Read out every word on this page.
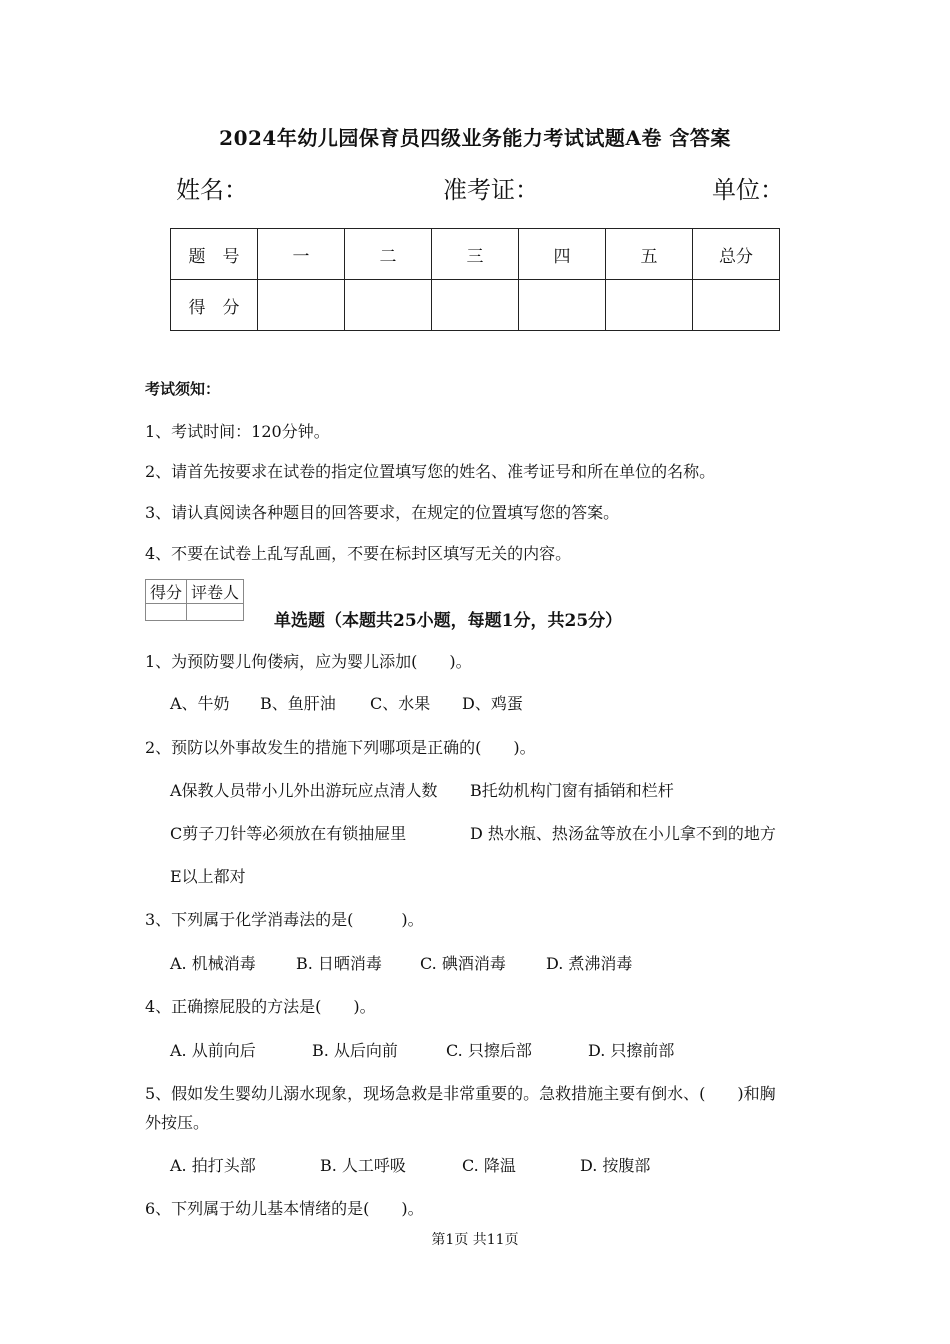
2024年幼儿园保育员四级业务能力考试试题A卷 含答案
姓名：	准考证：	单位：
题　号	一	二	三	四	五	总分
得　分						
考试须知：
1、考试时间：120分钟。
2、请首先按要求在试卷的指定位置填写您的姓名、准考证号和所在单位的名称。
3、请认真阅读各种题目的回答要求，在规定的位置填写您的答案。
4、不要在试卷上乱写乱画，不要在标封区填写无关的内容。
得分	评卷人

单选题（本题共25小题，每题1分，共25分）
1、为预防婴儿佝偻病，应为婴儿添加(　　)。
A、牛奶 B、鱼肝油 C、水果 D、鸡蛋
2、预防以外事故发生的措施下列哪项是正确的(　　)。
A保教人员带小儿外出游玩应点清人数 B托幼机构门窗有插销和栏杆
C剪子刀针等必须放在有锁抽屉里	D 热水瓶、热汤盆等放在小儿拿不到的地方
E以上都对
3、下列属于化学消毒法的是(　　　)。
A. 机械消毒	B. 日晒消毒 C. 碘酒消毒	D. 煮沸消毒
4、正确擦屁股的方法是(　　)。
A. 从前向后	B. 从后向前	C. 只擦后部	D. 只擦前部
5、假如发生婴幼儿溺水现象，现场急救是非常重要的。急救措施主要有倒水、(　　)和胸
外按压。
A. 拍打头部	B. 人工呼吸	C. 降温	D. 按腹部
6、下列属于幼儿基本情绪的是(　　)。
第1页 共11页
